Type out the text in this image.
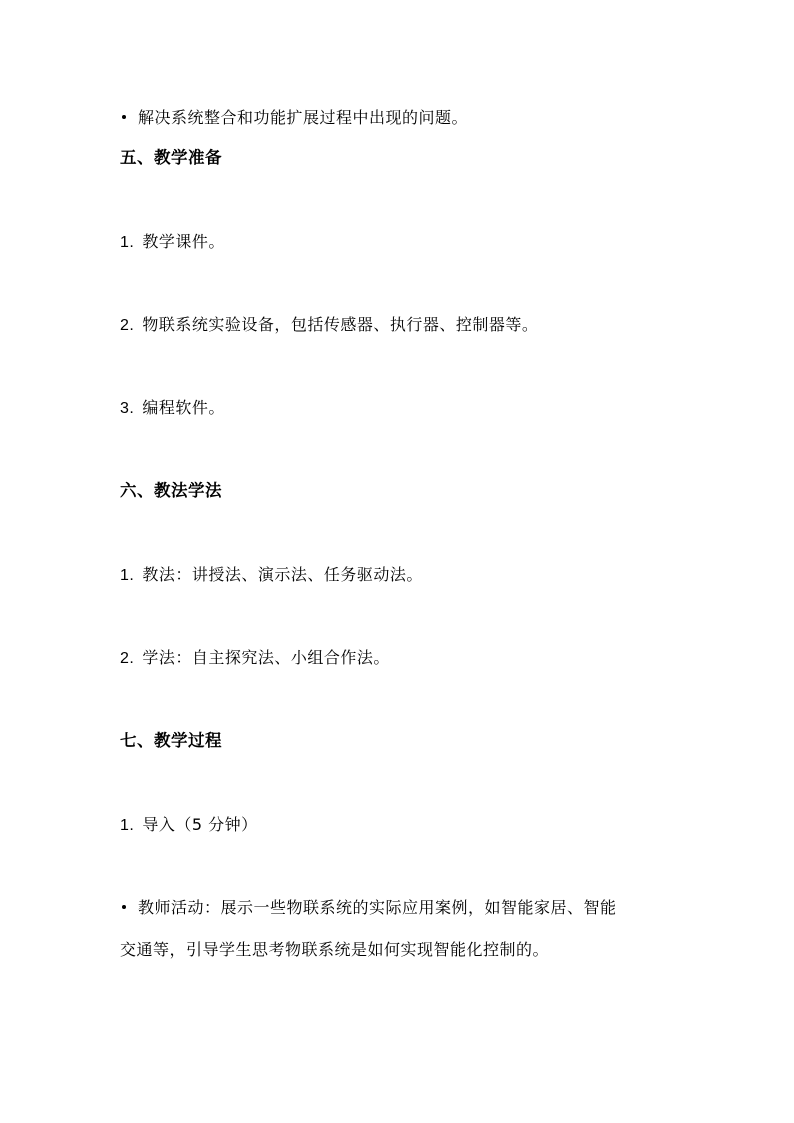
解决系统整合和功能扩展过程中出现的问题。
五、教学准备
1. 教学课件。
2. 物联系统实验设备，包括传感器、执行器、控制器等。
3. 编程软件。
六、教法学法
1. 教法：讲授法、演示法、任务驱动法。
2. 学法：自主探究法、小组合作法。
七、教学过程
1. 导入（5 分钟）
教师活动：展示一些物联系统的实际应用案例，如智能家居、智能
交通等，引导学生思考物联系统是如何实现智能化控制的。
